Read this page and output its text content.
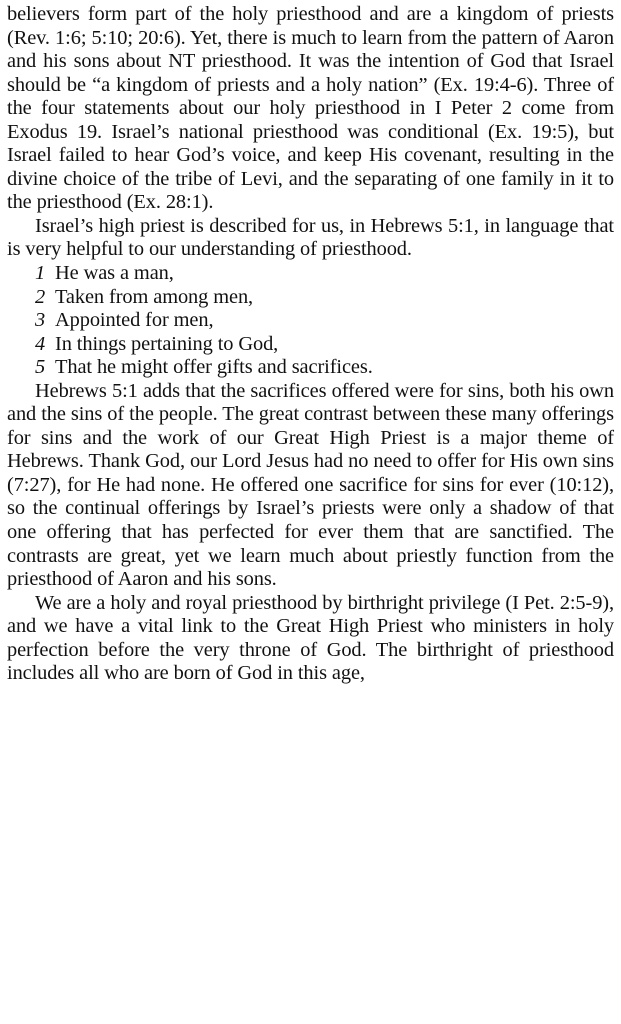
believers form part of the holy priesthood and are a kingdom of priests (Rev. 1:6; 5:10; 20:6). Yet, there is much to learn from the pattern of Aaron and his sons about NT priesthood. It was the intention of God that Israel should be “a kingdom of priests and a holy nation” (Ex. 19:4-6). Three of the four statements about our holy priesthood in I Peter 2 come from Exodus 19. Israel’s national priesthood was conditional (Ex. 19:5), but Israel failed to hear God’s voice, and keep His covenant, resulting in the divine choice of the tribe of Levi, and the separating of one family in it to the priesthood (Ex. 28:1).

Israel’s high priest is described for us, in Hebrews 5:1, in language that is very helpful to our understanding of priesthood.

1 He was a man,
2 Taken from among men,
3 Appointed for men,
4 In things pertaining to God,
5 That he might offer gifts and sacrifices.

Hebrews 5:1 adds that the sacrifices offered were for sins, both his own and the sins of the people. The great contrast between these many offerings for sins and the work of our Great High Priest is a major theme of Hebrews. Thank God, our Lord Jesus had no need to offer for His own sins (7:27), for He had none. He offered one sacrifice for sins for ever (10:12), so the continual offerings by Israel’s priests were only a shadow of that one offering that has perfected for ever them that are sanctified. The contrasts are great, yet we learn much about priestly function from the priesthood of Aaron and his sons.

We are a holy and royal priesthood by birthright privilege (I Pet. 2:5-9), and we have a vital link to the Great High Priest who ministers in holy perfection before the very throne of God. The birthright of priesthood includes all who are born of God in this age,
